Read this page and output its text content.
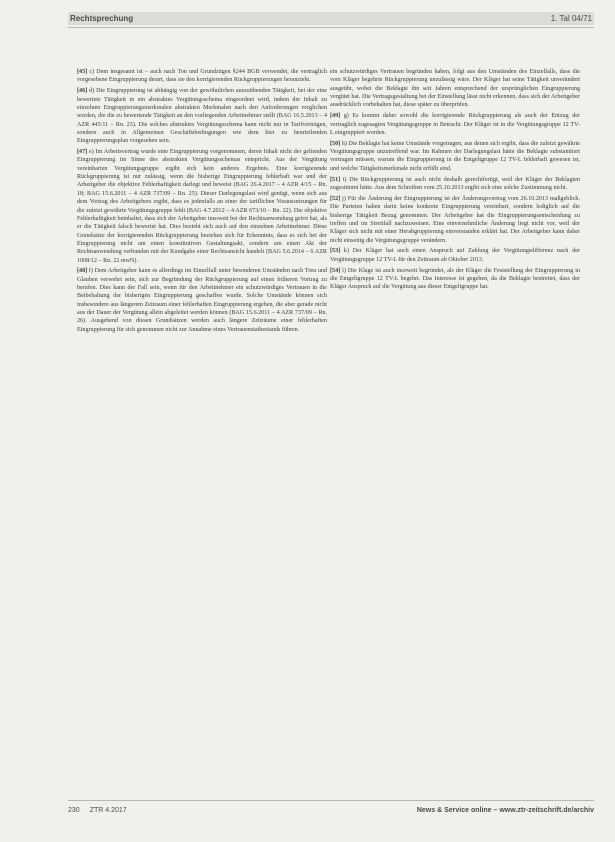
Rechtsprechung	1. Tal 04/71

[45] c) Dem insgesamt ist – auch nach Ton und Grundzügen §244 BGB verwendet, die vertraglich vorgesehene Eingruppierung derart, dass sie den korrigierenden Rückgruppierungen heranzieht.

[46] d) Die Eingruppierung ist abhängig von der gewöhnlichen auszuübenden Tätigkeit, bei der eine bewertete Tätigkeit in ein abstraktes Vergütungsschema eingeordnet wird, indem der Inhalt zu einzelnen Eingruppierungsmerkmalen abstrakten Merkmalen nach den Anforderungen verglichen werden, die die zu bewertende Tätigkeit an den vorliegenden Arbeitnehmer stellt (BAG 16.5.2013 – 4 AZR 445/11 – Rn. 23). Die solches abstraktes Vergütungsschema kann nicht nur in Tarifverträgen, sondern auch in Allgemeinen Geschäftsbedingungen wie dem hier zu beurteilenden Eingruppierungsplan vorgesehen sein.

[47] e) Im Arbeitsvertrag wurde eine Eingruppierung vorgenommen, deren Inhalt nicht der geltenden Eingruppierung im Sinne des abstrakten Vergütungsschemas entspricht. Aus der Vergütung vereinbarten Vergütungsgruppe ergibt sich kein anderes Ergebnis. Eine korrigierende Rückgruppierung ist nur zulässig, wenn die bisherige Eingruppierung fehlerhaft war und der Arbeitgeber die objektive Fehlerhaftigkeit darlegt und beweist (BAG 26.4.2017 – 4 AZR 4/15 – Rn. 18; BAG 15.6.2011 – 4 AZR 737/09 – Rn. 25). Dieser Darlegungslast wird genügt, wenn sich aus dem Vortrag des Arbeitgebers ergibt, dass es jedenfalls an einer der tariflichen Voraussetzungen für die zuletzt gewährte Vergütungsgruppe fehlt (BAG 4.7.2012 – 4 AZR 673/10 – Rn. 22). Die objektive Fehlerhaftigkeit beinhaltet, dass sich der Arbeitgeber insoweit bei der Rechtsanwendung geirrt hat, als er die Tätigkeit falsch bewertet hat. Dies bezieht sich auch auf den einzelnen Arbeitnehmer. Diese Grundsätze der korrigierenden Rückgruppierung beziehen sich für Erkenntnis, dass es sich bei der Eingruppierung nicht um einen konstitutiven Gestaltungsakt, sondern um einen Akt der Rechtsanwendung verbunden mit der Kundgabe einer Rechtsansicht handelt (BAG 5.6.2014 – 6 AZR 1008/12 – Rn. 22 mwN).

[48] f) Dem Arbeitgeber kann es allerdings im Einzelfall unter besonderen Umständen nach Treu und Glauben verwehrt sein, sich zur Begründung der Rückgruppierung auf einen früheren Vortrag zu berufen. Dies kann der Fall sein, wenn für den Arbeitnehmer ein schutzwürdiges Vertrauen in die Beibehaltung der bisherigen Eingruppierung geschaffen wurde. Solche Umstände können sich insbesondere aus längerem Zeitraum einer fehlerhaften Eingruppierung ergeben, die aber gerade nicht aus der Dauer der Vergütung allein abgeleitet werden können (BAG 15.6.2011 – 4 AZR 737/09 – Rn. 26). Ausgehend von diesen Grundsätzen werden auch längere Zeiträume einer fehlerhaften Eingruppierung für sich genommen nicht zur Annahme eines Vertrauenstatbestands führen.

ein schutzwürdiges Vertrauen begründen haben, folgt aus den Umständen des Einzelfalls, dass die vom Kläger begehrte Rückgruppierung unzulässig wäre. Der Kläger hat seine Tätigkeit unverändert ausgeübt, wobei die Beklagte ihn seit Jahren entsprechend der ursprünglichen Eingruppierung vergütet hat. Die Vertragsgestaltung bei der Einstellung lässt nicht erkennen, dass sich der Arbeitgeber ausdrücklich vorbehalten hat, diese später zu überprüfen.

[49] g) Es kommt daher sowohl die korrigierende Rückgruppierung als auch der Entzug der vertraglich zugesagten Vergütungsgruppe in Betracht. Der Kläger ist in die Vergütungsgruppe 12 TV-L eingruppiert worden.

[50] h) Die Beklagte hat keine Umstände vorgetragen, aus denen sich ergibt, dass die zuletzt gewährte Vergütungsgruppe unzutreffend war. Im Rahmen der Darlegungslast hätte die Beklagte substantiiert vortragen müssen, warum die Eingruppierung in die Entgeltgruppe 12 TV-L fehlerhaft gewesen ist, und welche Tätigkeitsmerkmale nicht erfüllt sind.

[51] i) Die Rückgruppierung ist auch nicht deshalb gerechtfertigt, weil der Kläger der Beklagten zugestimmt hätte. Aus dem Schreiben vom 25.10.2013 ergibt sich eine solche Zustimmung nicht.

[52] j) Für die Änderung der Eingruppierung ist der Änderungsvertrag vom 26.10.2013 maßgeblich. Die Parteien haben darin keine konkrete Eingruppierung vereinbart, sondern lediglich auf die bisherige Tätigkeit Bezug genommen. Der Arbeitgeber hat die Eingruppierungsentscheidung zu treffen und im Streitfall nachzuweisen. Eine einvernehmliche Änderung liegt nicht vor, weil der Kläger sich nicht mit einer Herabgruppierung einverstanden erklärt hat. Der Arbeitgeber kann daher nicht einseitig die Vergütungsgruppe verändern.

[53] k) Der Kläger hat auch einen Anspruch auf Zahlung der Vergütungsdifferenz nach der Vergütungsgruppe 12 TV-L für den Zeitraum ab Oktober 2013.

[54] l) Die Klage ist auch insoweit begründet, als der Kläger die Feststellung der Eingruppierung in die Entgeltgruppe 12 TV-L begehrt. Das Interesse ist gegeben, da die Beklagte bestreitet, dass der Kläger Anspruch auf die Vergütung aus dieser Entgeltgruppe hat.

230 ZTR 4.2017	News & Service online – www.ztr-zeitschrift.de/archiv
